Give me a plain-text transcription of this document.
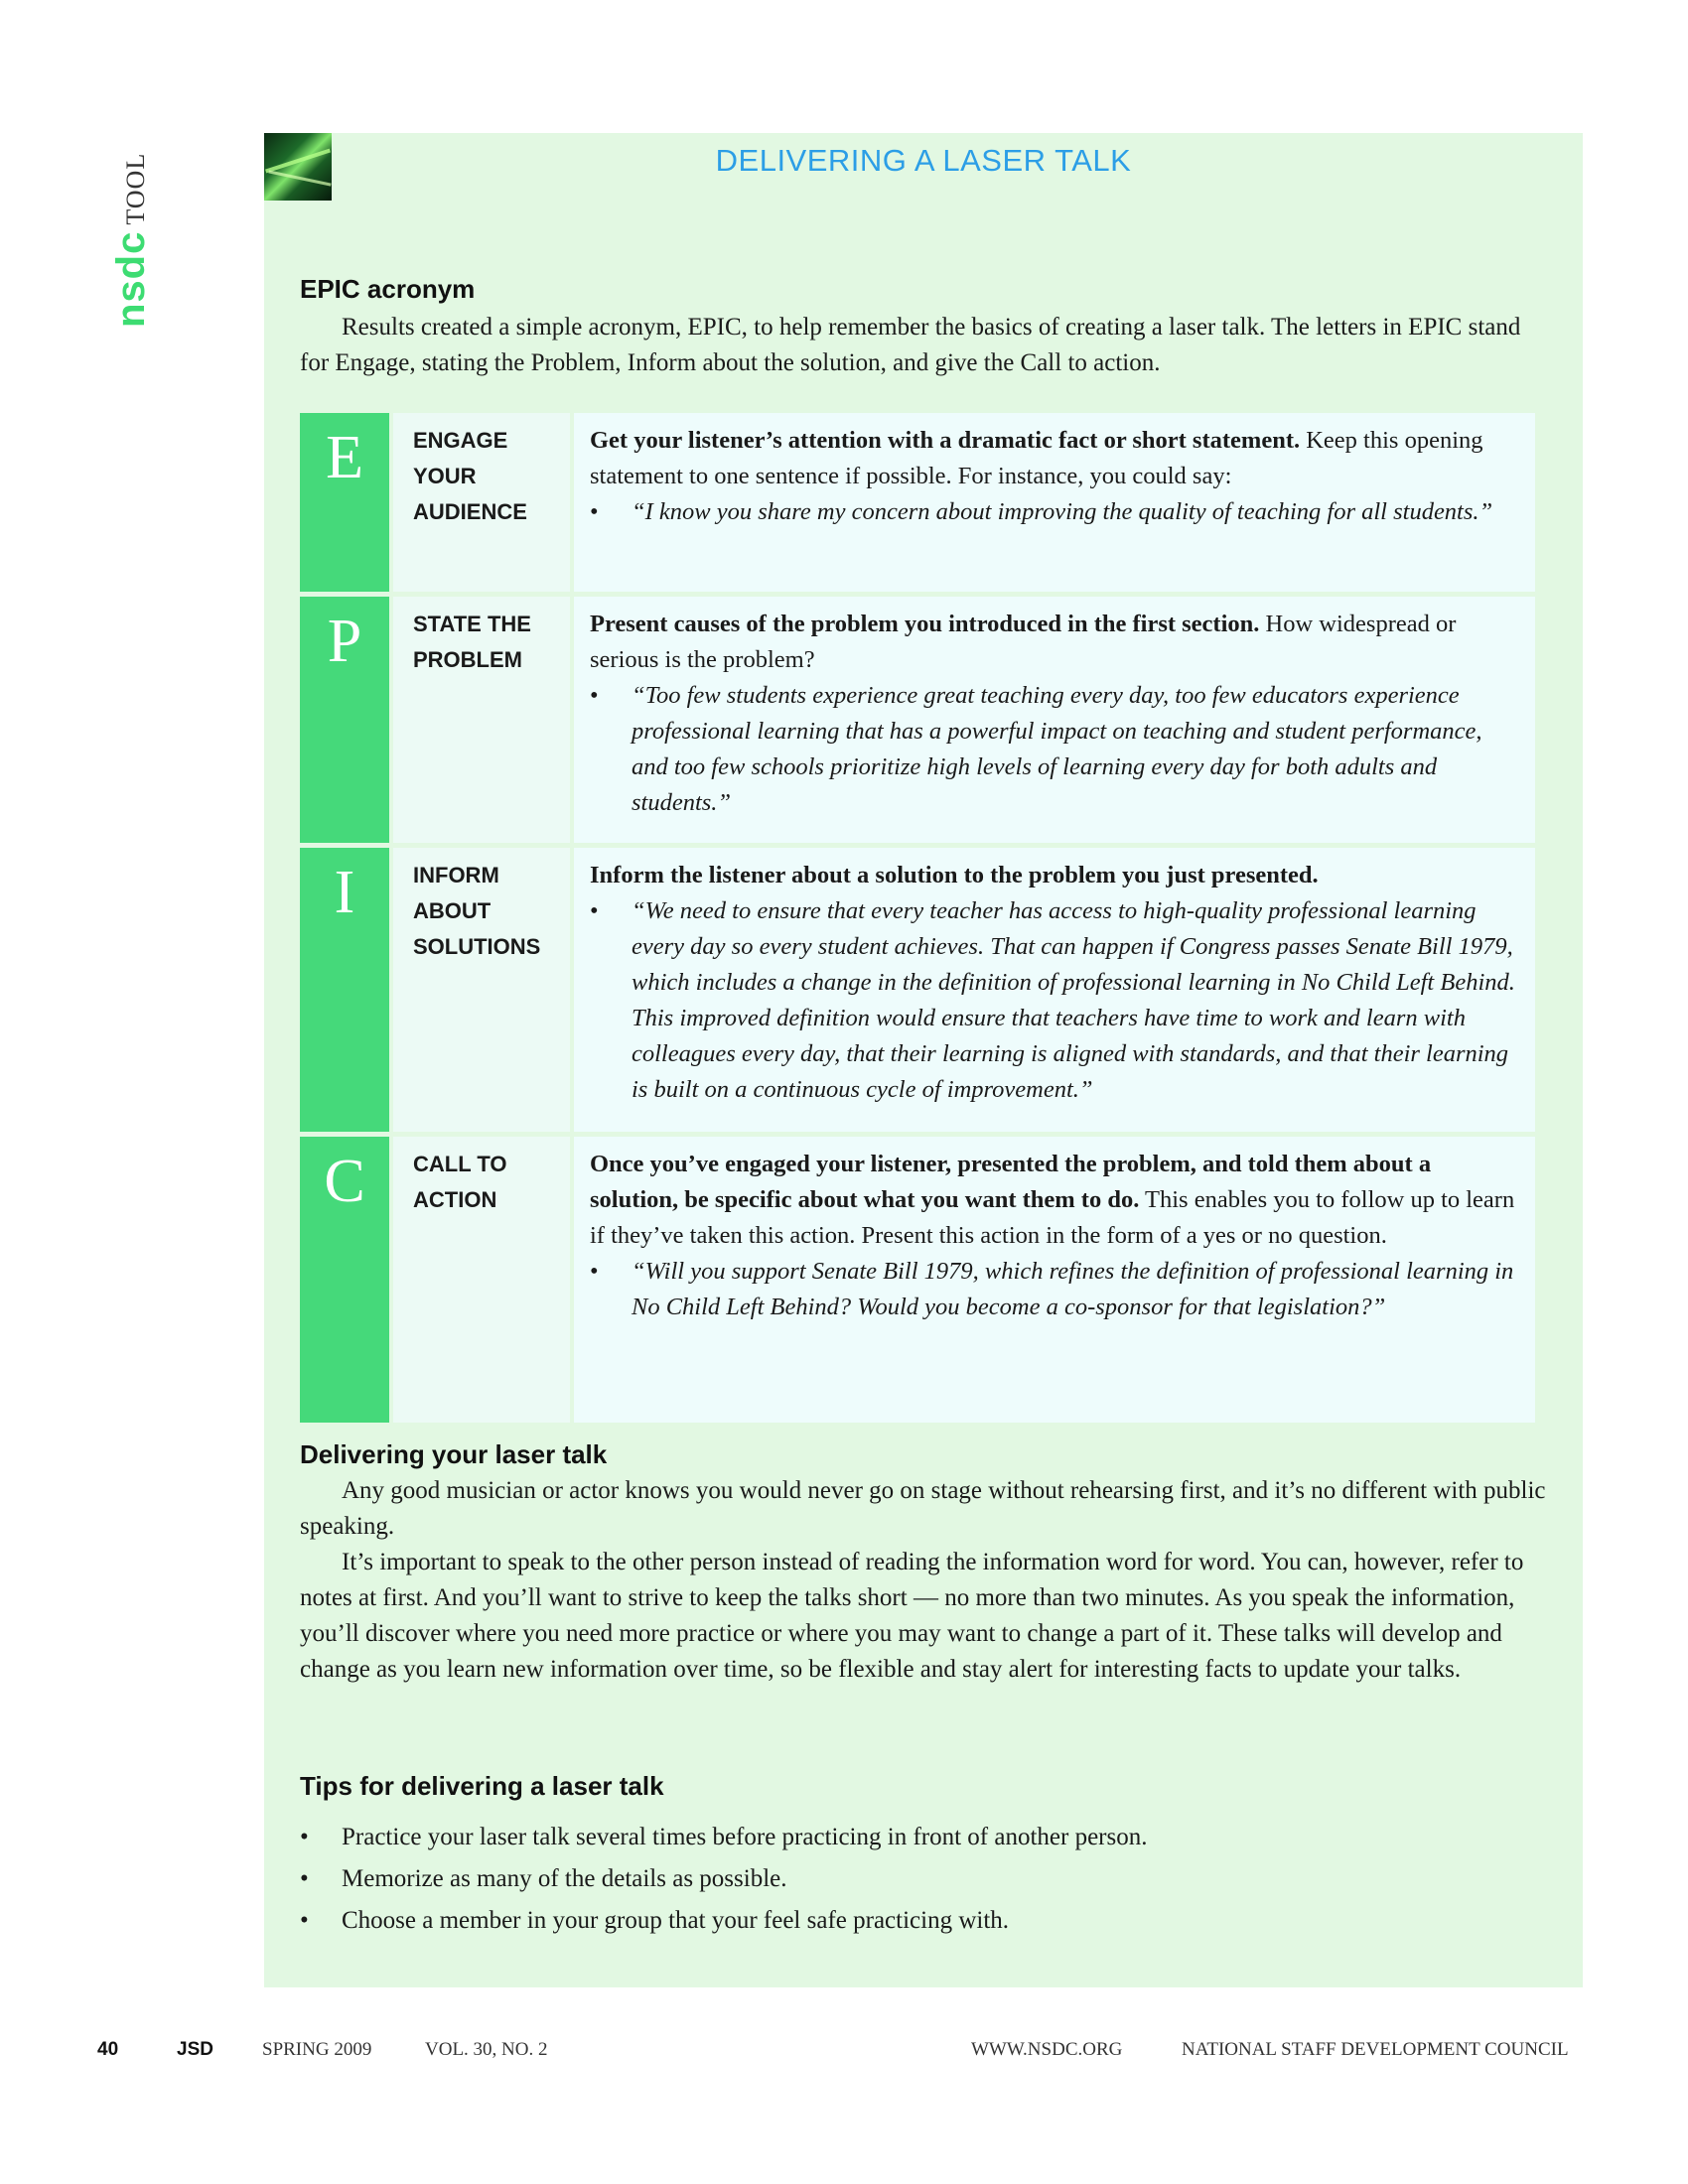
nsdcTOOL	DELIVERING A LASER TALK
EPIC acronym

Results created a simple acronym, EPIC, to help remember the basics of creating a laser talk. The letters in EPIC stand for Engage, stating the Problem, Inform about the solution, and give the Call to action.

E	ENGAGE
YOUR
AUDIENCE
Get your listener’s attention with a dramatic fact or short statement. Keep this opening statement to one sentence if possible. For instance, you could say:
• “I know you share my concern about improving the quality of teaching for all students.”
P	STATE THE
PROBLEM
Present causes of the problem you introduced in the first section. How widespread or serious is the problem?
• “Too few students experience great teaching every day, too few educators experience professional learning that has a powerful impact on teaching and student performance, and too few schools prioritize high levels of learning every day for both adults and students.”
I	INFORM
ABOUT
SOLUTIONS
Inform the listener about a solution to the problem you just presented.
• “We need to ensure that every teacher has access to high-quality professional learning every day so every student achieves. That can happen if Congress passes Senate Bill 1979, which includes a change in the definition of professional learning in No Child Left Behind. This improved definition would ensure that teachers have time to work and learn with colleagues every day, that their learning is aligned with standards, and that their learning is built on a continuous cycle of improvement.”
C	CALL TO
ACTION
Once you’ve engaged your listener, presented the problem, and told them about a solution, be specific about what you want them to do. This enables you to follow up to learn if they’ve taken this action. Present this action in the form of a yes or no question.
• “Will you support Senate Bill 1979, which refines the definition of professional learning in No Child Left Behind? Would you become a co-sponsor for that legislation?”
Delivering your laser talk

Any good musician or actor knows you would never go on stage without rehearsing first, and it’s no different with public speaking.

It’s important to speak to the other person instead of reading the information word for word. You can, however, refer to notes at first. And you’ll want to strive to keep the talks short — no more than two minutes. As you speak the information, you’ll discover where you need more practice or where you may want to change a part of it. These talks will develop and change as you learn new information over time, so be flexible and stay alert for interesting facts to update your talks.

Tips for delivering a laser talk
• Practice your laser talk several times before practicing in front of another person.
• Memorize as many of the details as possible.
• Choose a member in your group that your feel safe practicing with.
40	JSD	SPRING 2009	VOL. 30, NO. 2	WWW.NSDC.ORG	NATIONAL STAFF DEVELOPMENT COUNCIL
